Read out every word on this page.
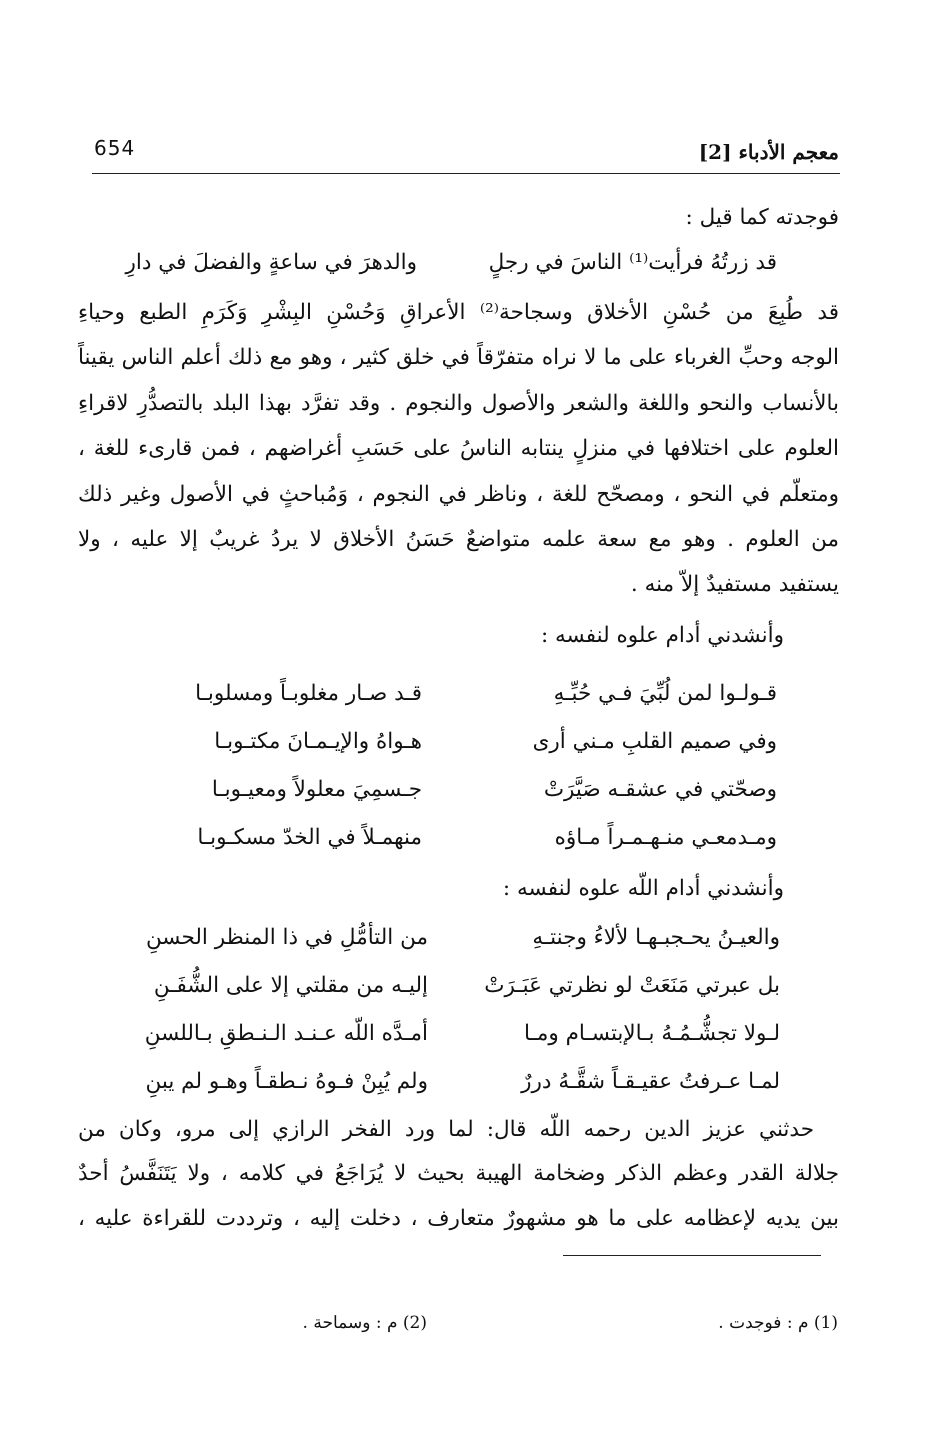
معجم الأدباء [2]
654
فوجدته كما قيل :
قد زرتُهُ فرأيت⁽¹⁾ الناسَ في رجلٍ
والدهرَ في ساعةٍ والفضلَ في دارِ
قد طُبِعَ من حُسْنِ الأخلاق وسجاحة⁽²⁾ الأعراقِ وَحُسْنِ البِشْرِ وَكَرَمِ الطبع وحياءِ
الوجه وحبِّ الغرباء على ما لا نراه متفرّقاً في خلق كثير ، وهو مع ذلك أعلم الناس يقيناً
بالأنساب والنحو واللغة والشعر والأصول والنجوم . وقد تفرَّد بهذا البلد بالتصدُّرِ لاقراءِ
العلوم على اختلافها في منزلٍ ينتابه الناسُ على حَسَبِ أغراضهم ، فمن قارىء للغة ،
ومتعلّم في النحو ، ومصحّح للغة ، وناظر في النجوم ، وَمُباحثٍ في الأصول وغير ذلك
من العلوم . وهو مع سعة علمه متواضعٌ حَسَنُ الأخلاق لا يردُ غريبٌ إلا عليه ، ولا
يستفيد مستفيدٌ إلاّ منه .
وأنشدني أدام علوه لنفسه :
قـولـوا لمن لُبِّيَ فـي حُبِّـهِ
قـد صـار مغلوبـاً ومسلوبـا
وفي صميم القلبِ مـني أرى
هـواهُ والإيـمـانَ مكتـوبـا
وصحّتي في عشقـه صَيَّرَتْ
جـسمِيَ معلولاً ومعيـوبـا
ومـدمعـي منـهـمـراً مـاؤه
منهمـلاً في الخدّ مسكـوبـا
وأنشدني أدام اللّه علوه لنفسه :
والعيـنُ يحـجبـهـا لألاءُ وجنتـهِ
من التأمُّلِ في ذا المنظر الحسنِ
بل عبرتي مَنَعَتْ لو نظرتي عَبَـرَتْ
إليـه من مقلتي إلا على الشُّفَـنِ
لـولا تجشُّـمُـهُ بـالإبتسـام ومـا
أمـدَّه اللّه عـنـد الـنـطقِ بـاللسنِ
لمـا عـرفتُ عقيـقـاً شقَّـهُ دررٌ
ولم يُبِنْ فـوهُ نـطقـاً وهـو لم يبنِ
حدثني عزيز الدين رحمه اللّه قال: لما ورد الفخر الرازي إلى مرو، وكان من
جلالة القدر وعظم الذكر وضخامة الهيبة بحيث لا يُرَاجَعُ في كلامه ، ولا يَتَنَفَّسُ أحدٌ
بين يديه لإعظامه على ما هو مشهورٌ متعارف ، دخلت إليه ، وترددت للقراءة عليه ،
(1) م : فوجدت .
(2) م : وسماحة .
